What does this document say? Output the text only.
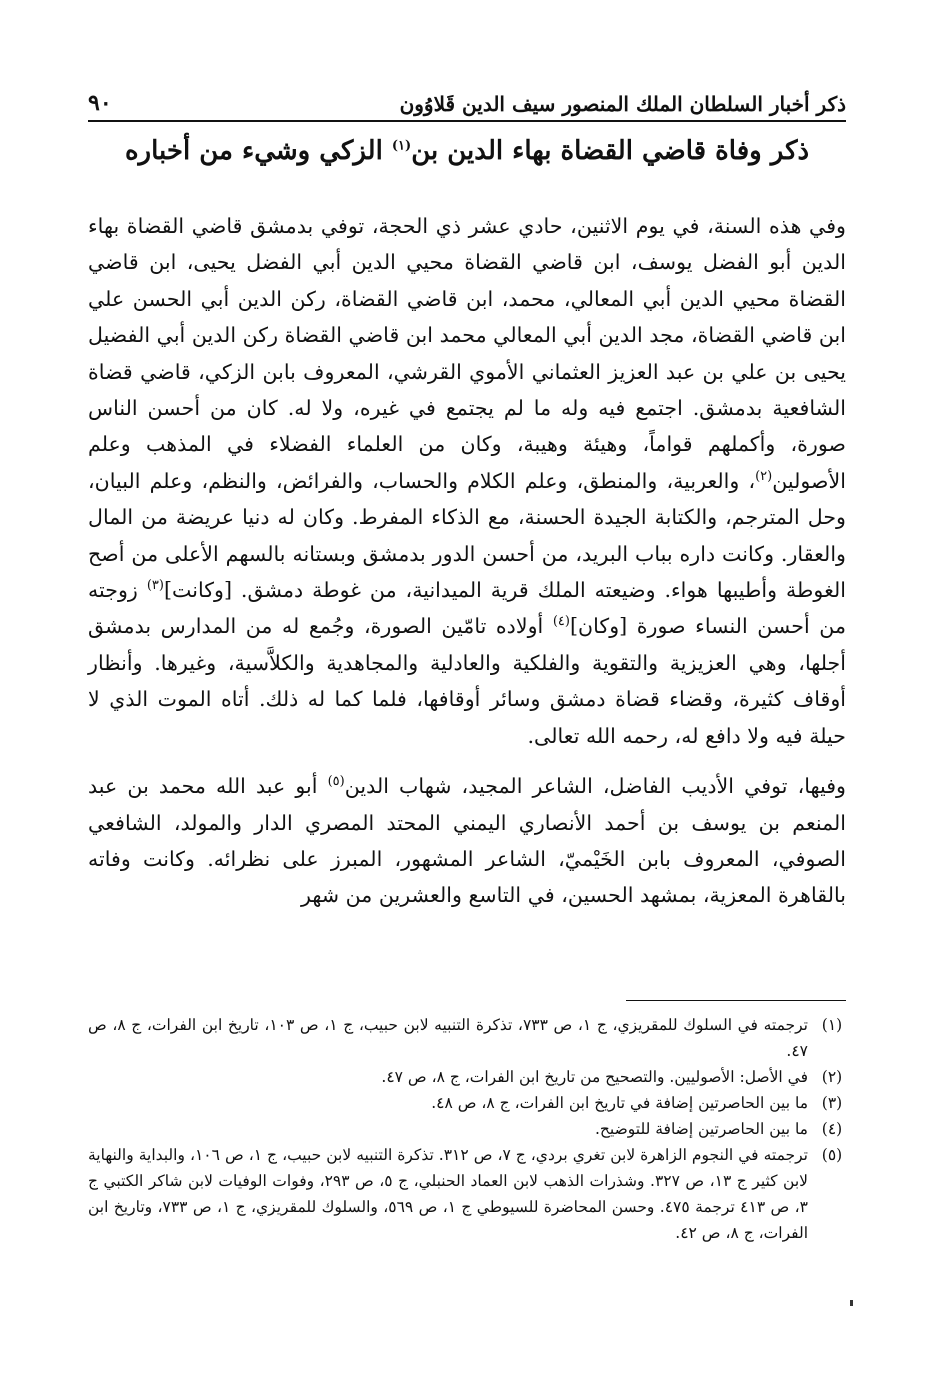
ذكر أخبار السلطان الملك المنصور سيف الدين قَلاوُون
٩٠
ذكر وفاة قاضي القضاة بهاء الدين بن$^{(١)}$ الزكي وشيء من أخباره

وفي هذه السنة، في يوم الاثنين، حادي عشر ذي الحجة، توفي بدمشق قاضي القضاة بهاء الدين أبو الفضل يوسف، ابن قاضي القضاة محيي الدين أبي الفضل يحيى، ابن قاضي القضاة محيي الدين أبي المعالي، محمد، ابن قاضي القضاة، ركن الدين أبي الحسن علي ابن قاضي القضاة، مجد الدين أبي المعالي محمد ابن قاضي القضاة ركن الدين أبي الفضيل يحيى بن علي بن عبد العزيز العثماني الأموي القرشي، المعروف بابن الزكي، قاضي قضاة الشافعية بدمشق. اجتمع فيه وله ما لم يجتمع في غيره، ولا له. كان من أحسن الناس صورة، وأكملهم قواماً، وهيئة وهيبة، وكان من العلماء الفضلاء في المذهب وعلم الأصولين$^{(٢)}$، والعربية، والمنطق، وعلم الكلام والحساب، والفرائض، والنظم، وعلم البيان، وحل المترجم، والكتابة الجيدة الحسنة، مع الذكاء المفرط. وكان له دنيا عريضة من المال والعقار. وكانت داره بباب البريد، من أحسن الدور بدمشق وبستانه بالسهم الأعلى من أصح الغوطة وأطيبها هواء. وضيعته الملك قرية الميدانية، من غوطة دمشق. [وكانت]$^{(٣)}$ زوجته من أحسن النساء صورة [وكان]$^{(٤)}$ أولاده تامّين الصورة، وجُمع له من المدارس بدمشق أجلها، وهي العزيزية والتقوية والفلكية والعادلية والمجاهدية والكلاَّسية، وغيرها. وأنظار أوقاف كثيرة، وقضاء قضاة دمشق وسائر أوقافها، فلما كما له ذلك. أتاه الموت الذي لا حيلة فيه ولا دافع له، رحمه الله تعالى.

وفيها، توفي الأديب الفاضل، الشاعر المجيد، شهاب الدين$^{(٥)}$ أبو عبد الله محمد بن عبد المنعم بن يوسف بن أحمد الأنصاري اليمني المحتد المصري الدار والمولد، الشافعي الصوفي، المعروف بابن الخَيْميّ، الشاعر المشهور، المبرز على نظرائه. وكانت وفاته بالقاهرة المعزية، بمشهد الحسين، في التاسع والعشرين من شهر

(١)
ترجمته في السلوك للمقريزي، ج ١، ص ٧٣٣، تذكرة التنبيه لابن حبيب، ج ١، ص ١٠٣، تاريخ ابن الفرات، ج ٨، ص ٤٧.
(٢)
في الأصل: الأصوليين. والتصحيح من تاريخ ابن الفرات، ج ٨، ص ٤٧.
(٣)
ما بين الحاصرتين إضافة في تاريخ ابن الفرات، ج ٨، ص ٤٨.
(٤)
ما بين الحاصرتين إضافة للتوضيح.
(٥)
ترجمته في النجوم الزاهرة لابن تغري بردي، ج ٧، ص ٣١٢. تذكرة التنبيه لابن حبيب، ج ١، ص ١٠٦، والبداية والنهاية لابن كثير ج ١٣، ص ٣٢٧. وشذرات الذهب لابن العماد الحنبلي، ج ٥، ص ٢٩٣، وفوات الوفيات لابن شاكر الكتبي ج ٣، ص ٤١٣ ترجمة ٤٧٥. وحسن المحاضرة للسيوطي ج ١، ص ٥٦٩، والسلوك للمقريزي، ج ١، ص ٧٣٣، وتاريخ ابن الفرات، ج ٨، ص ٤٢.
